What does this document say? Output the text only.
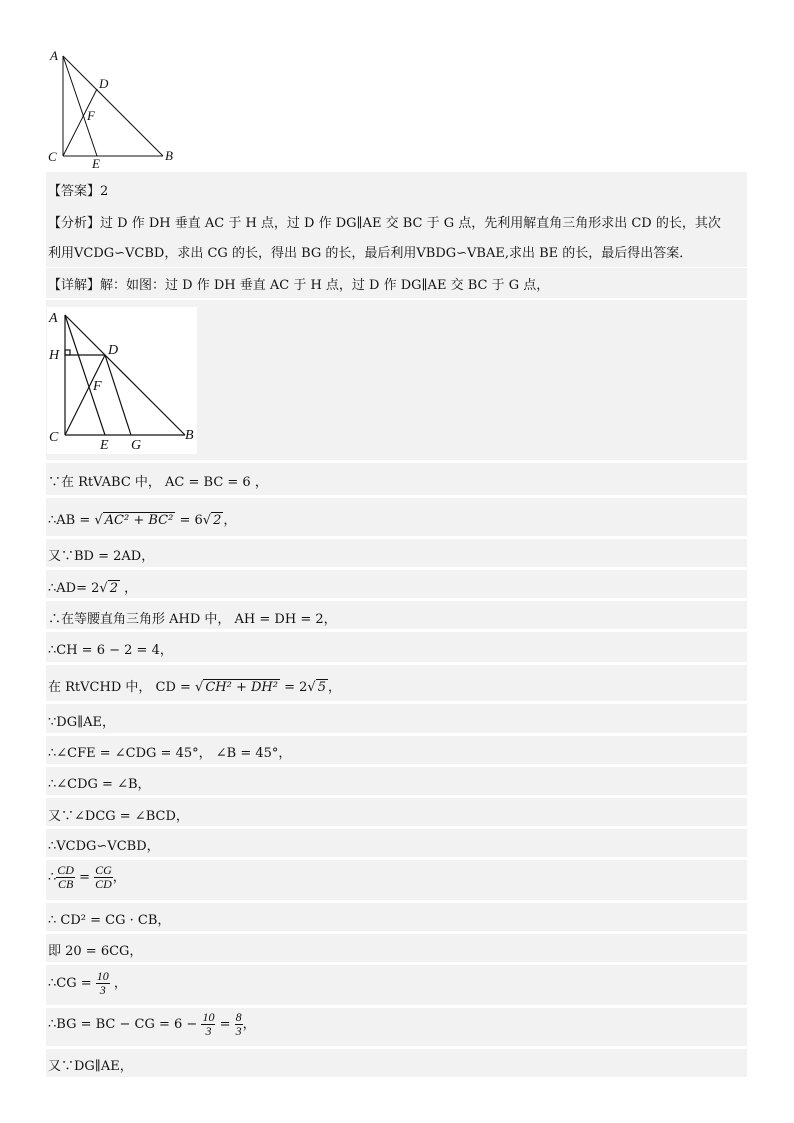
A
D
F
C	E
B
【答案】2
【分析】过 D 作 DH 垂直 AC 于 H 点，过 D 作 DG∥AE 交 BC 于 G 点，先利用解直角三角形求出 CD 的长，其次
利用VCDG∽VCBD，求出 CG 的长，得出 BG 的长，最后利用VBDG∽VBAE,求出 BE 的长，最后得出答案．
【详解】解：如图：过 D 作 DH 垂直 AC 于 H 点，过 D 作 DG∥AE 交 BC 于 G 点，
A
H	D
F
C
E G
B
∵在 RtVABC 中， AC = BC = 6 ，
∴AB = √ AC² + BC² = 6√ 2 ，
又∵BD = 2AD，
∴AD= 2√ 2 ，
∴在等腰直角三角形 AHD 中， AH = DH = 2，
∴CH = 6 − 2 = 4，
在 RtVCHD 中， CD = √ CH² + DH² = 2√ 5 ，
∵DG∥AE，
∴∠CFE = ∠CDG = 45°， ∠B = 45°，
∴∠CDG = ∠B，
又∵∠DCG = ∠BCD，
∴VCDG∽VCBD，
∴ $\frac{CD}{CB} = \frac{CG}{CD}$ ，
∴ CD² = CG · CB，
即 20 = 6CG，
∴CG = $\frac{10}{3}$ ，
∴BG = BC − CG = $6 - \frac{10}{3} = \frac{8}{3}$ ，
又∵DG∥AE，
